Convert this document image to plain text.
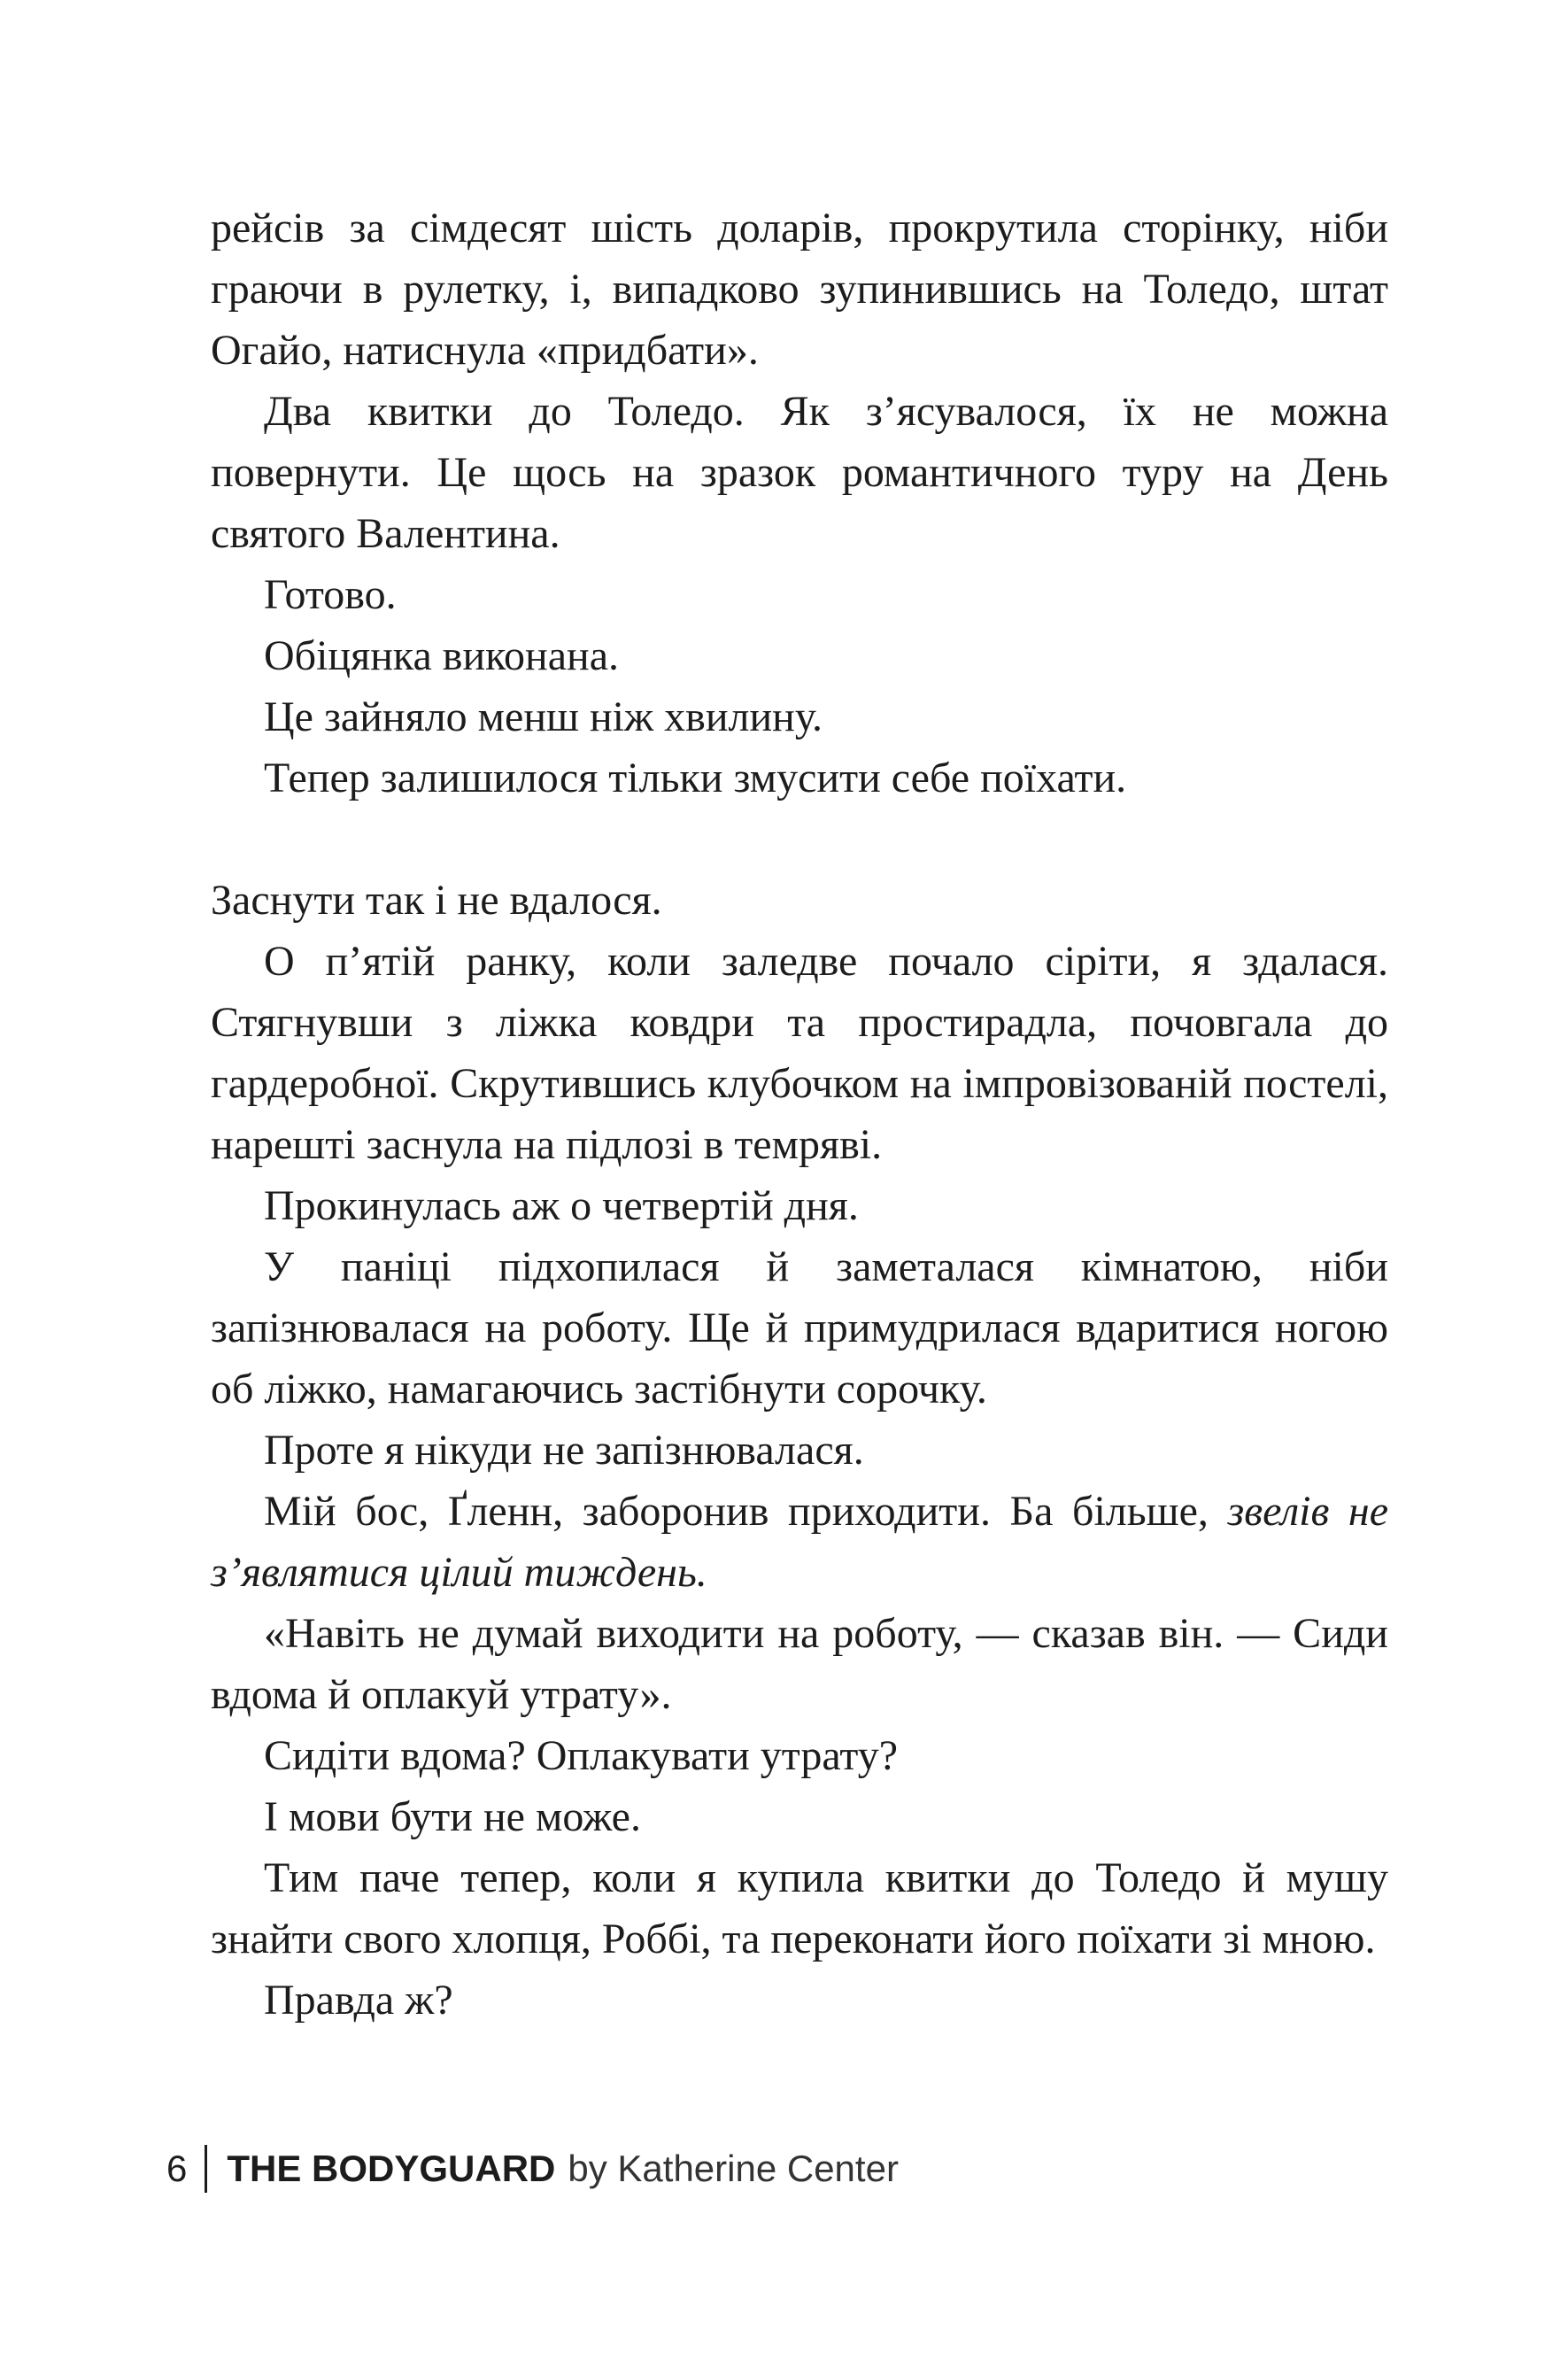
рейсів за сімдесят шість доларів, прокрутила сторінку, ніби граючи в рулетку, і, випадково зупинившись на Толедо, штат Огайо, натиснула «придбати».

Два квитки до Толедо. Як з’ясувалося, їх не можна повернути. Це щось на зразок романтичного туру на День святого Валентина.

Готово.

Обіцянка виконана.

Це зайняло менш ніж хвилину.

Тепер залишилося тільки змусити себе поїхати.

Заснути так і не вдалося.

О п’ятій ранку, коли заледве почало сіріти, я здалася. Стягнувши з ліжка ковдри та простирадла, почовгала до гардеробної. Скрутившись клубочком на імпровізованій постелі, нарешті заснула на підлозі в темряві.

Прокинулась аж о четвертій дня.

У паніці підхопилася й заметалася кімнатою, ніби запізнювалася на роботу. Ще й примудрилася вдаритися ногою об ліжко, намагаючись застібнути сорочку.

Проте я нікуди не запізнювалася.

Мій бос, Ґленн, заборонив приходити. Ба більше, звелів не з’являтися цілий тиждень.

«Навіть не думай виходити на роботу, — сказав він. — Сиди вдома й оплакуй утрату».

Сидіти вдома? Оплакувати утрату?

І мови бути не може.

Тим паче тепер, коли я купила квитки до Толедо й мушу знайти свого хлопця, Роббі, та переконати його поїхати зі мною.

Правда ж?

6 THE BODYGUARD by Katherine Center
